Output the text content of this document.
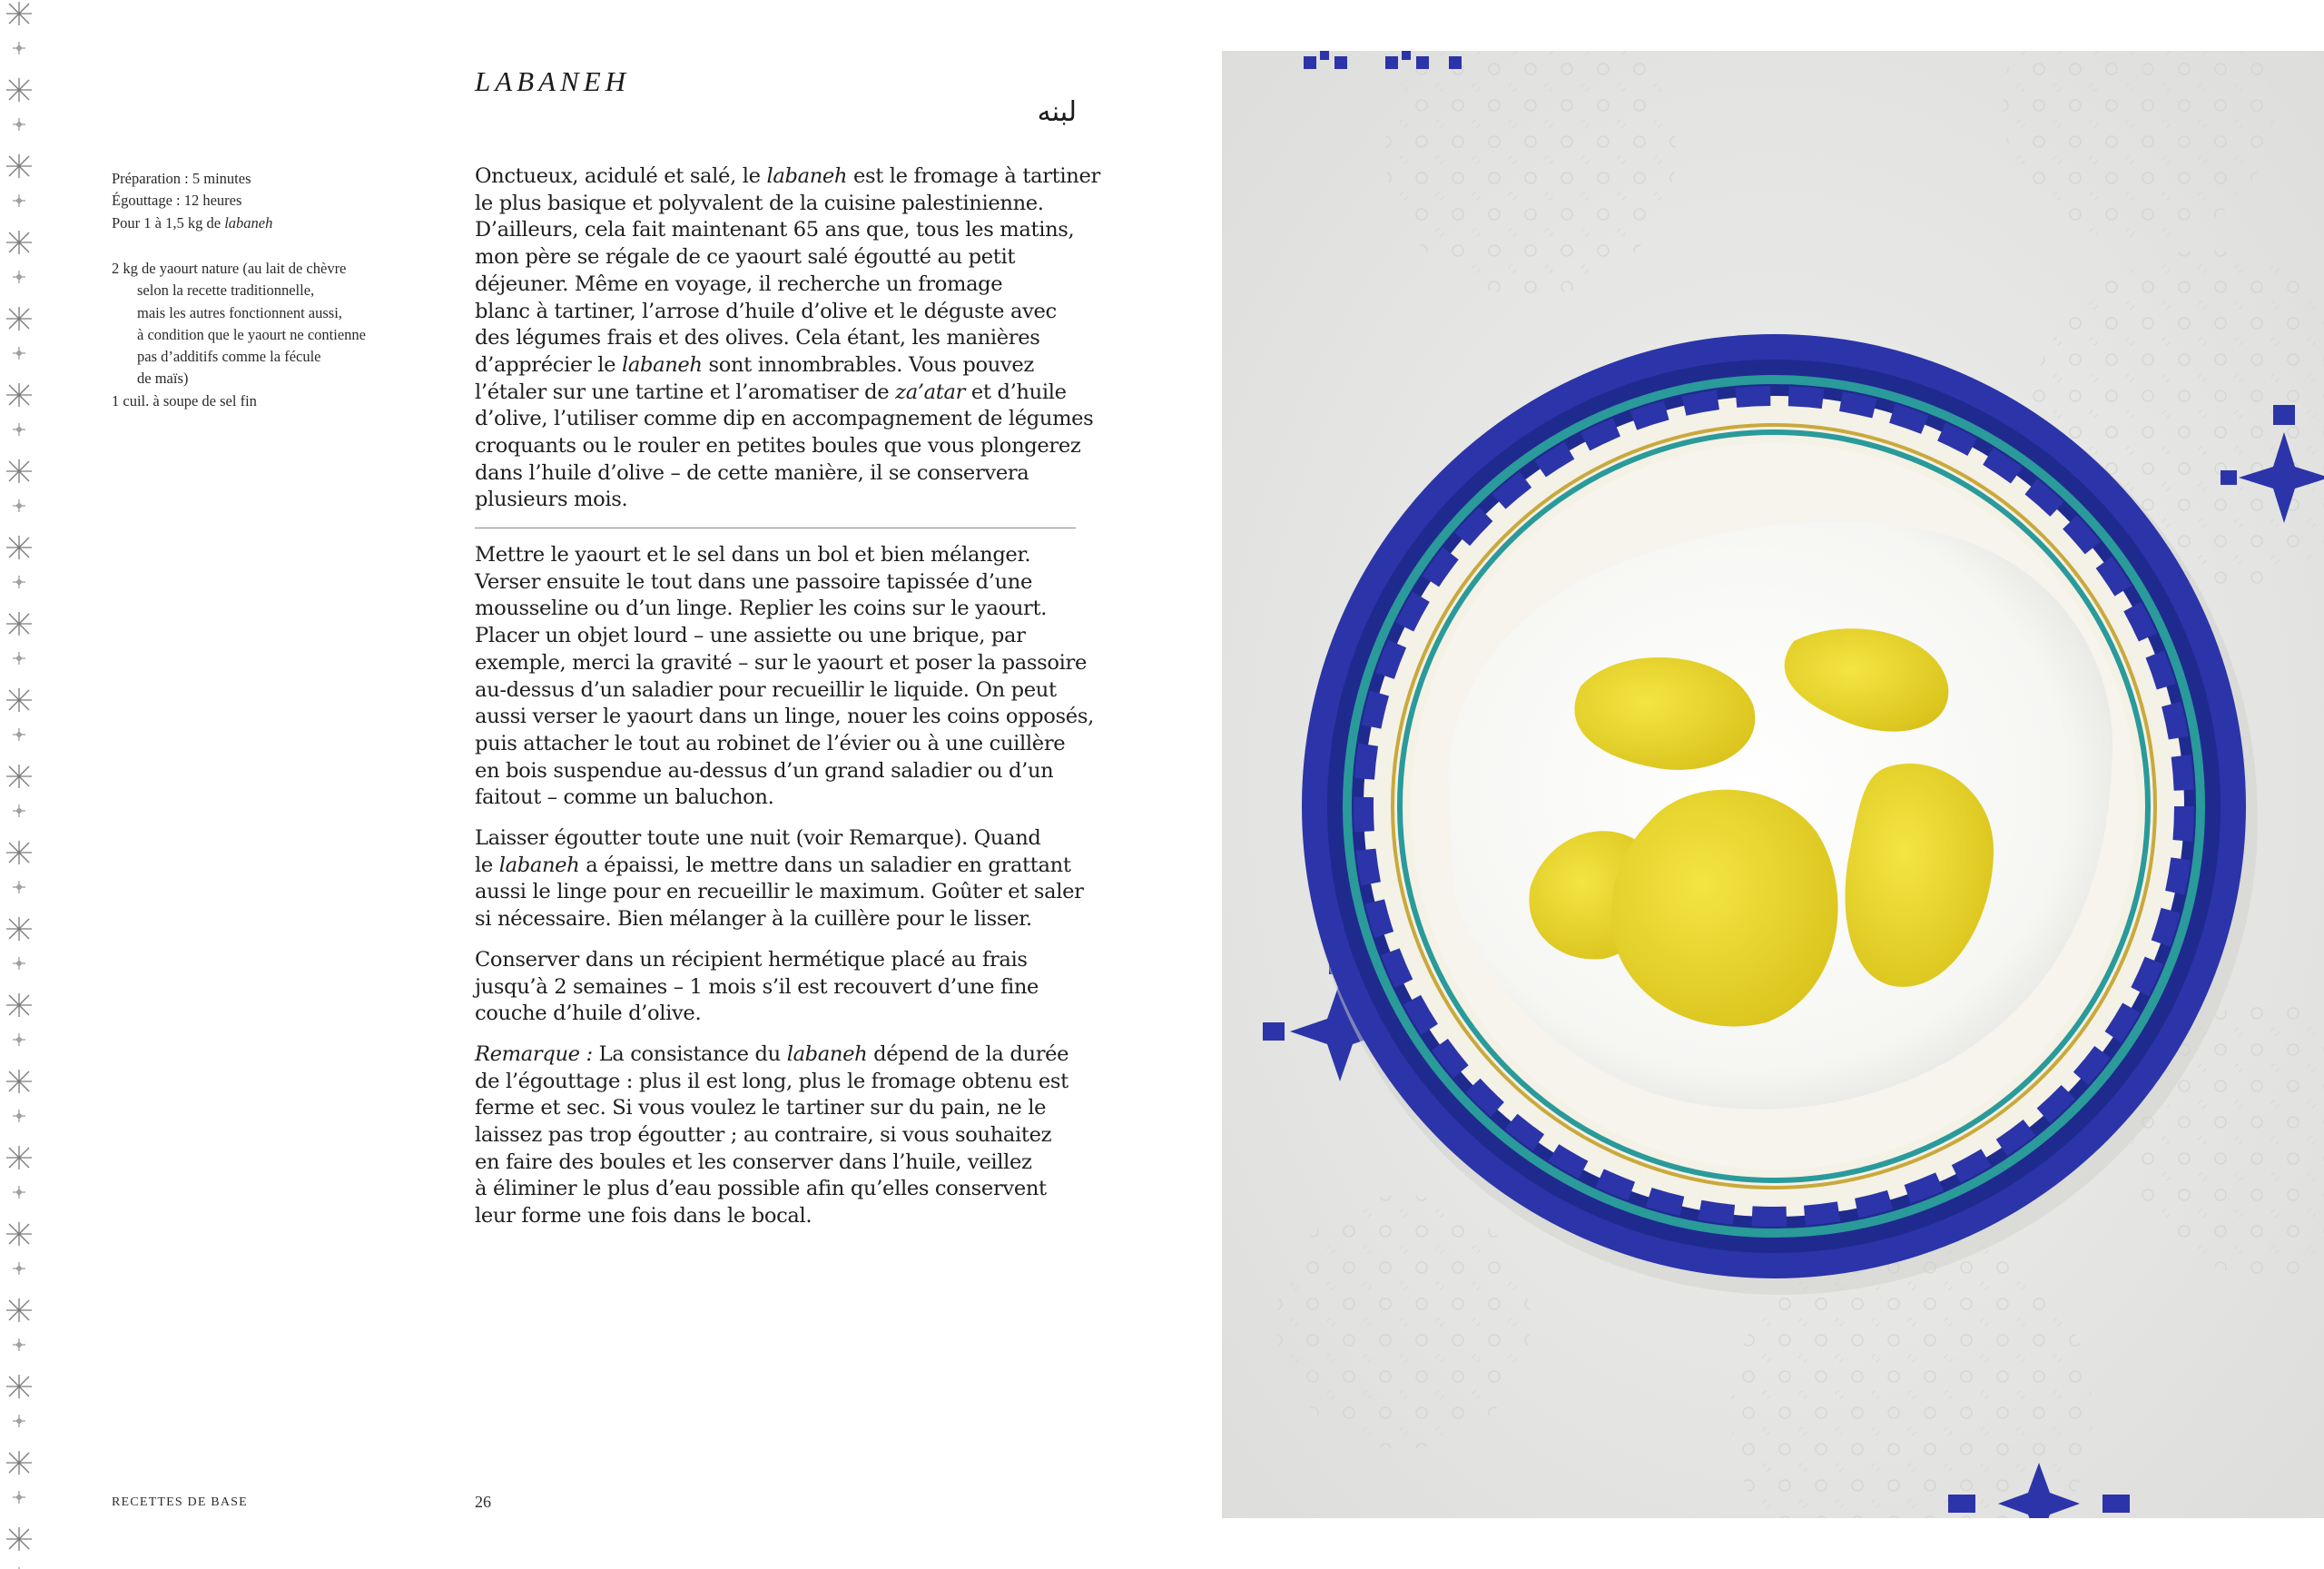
LABANEH
لبنه
Préparation : 5 minutes
Égouttage : 12 heures
Pour 1 à 1,5 kg de labaneh
2 kg de yaourt nature (au lait de chèvre
selon la recette traditionnelle,
mais les autres fonctionnent aussi,
à condition que le yaourt ne contienne
pas d’additifs comme la fécule
de maïs)
1 cuil. à soupe de sel fin
Onctueux, acidulé et salé, le labaneh est le fromage à tartiner
le plus basique et polyvalent de la cuisine palestinienne.
D’ailleurs, cela fait maintenant 65 ans que, tous les matins,
mon père se régale de ce yaourt salé égoutté au petit
déjeuner. Même en voyage, il recherche un fromage
blanc à tartiner, l’arrose d’huile d’olive et le déguste avec
des légumes frais et des olives. Cela étant, les manières
d’apprécier le labaneh sont innombrables. Vous pouvez
l’étaler sur une tartine et l’aromatiser de za’atar et d’huile
d’olive, l’utiliser comme dip en accompagnement de légumes
croquants ou le rouler en petites boules que vous plongerez
dans l’huile d’olive – de cette manière, il se conservera
plusieurs mois.

Mettre le yaourt et le sel dans un bol et bien mélanger.
Verser ensuite le tout dans une passoire tapissée d’une
mousseline ou d’un linge. Replier les coins sur le yaourt.
Placer un objet lourd – une assiette ou une brique, par
exemple, merci la gravité – sur le yaourt et poser la passoire
au-dessus d’un saladier pour recueillir le liquide. On peut
aussi verser le yaourt dans un linge, nouer les coins opposés,
puis attacher le tout au robinet de l’évier ou à une cuillère
en bois suspendue au-dessus d’un grand saladier ou d’un
faitout – comme un baluchon.

Laisser égoutter toute une nuit (voir Remarque). Quand
le labaneh a épaissi, le mettre dans un saladier en grattant
aussi le linge pour en recueillir le maximum. Goûter et saler
si nécessaire. Bien mélanger à la cuillère pour le lisser.

Conserver dans un récipient hermétique placé au frais
jusqu’à 2 semaines – 1 mois s’il est recouvert d’une fine
couche d’huile d’olive.

Remarque : La consistance du labaneh dépend de la durée
de l’égouttage : plus il est long, plus le fromage obtenu est
ferme et sec. Si vous voulez le tartiner sur du pain, ne le
laissez pas trop égoutter ; au contraire, si vous souhaitez
en faire des boules et les conserver dans l’huile, veillez
à éliminer le plus d’eau possible afin qu’elles conservent
leur forme une fois dans le bocal.

RECETTES DE BASE	26
